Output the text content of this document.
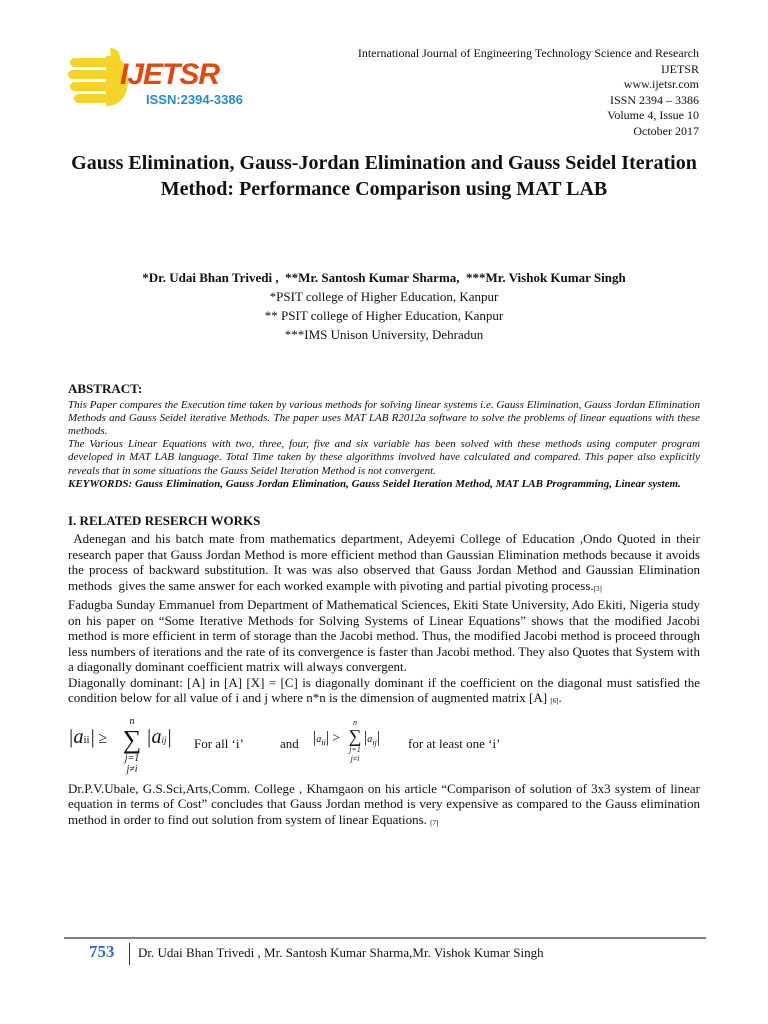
IJETSR
ISSN:2394-3386
International Journal of Engineering Technology Science and Research
IJETSR
www.ijetsr.com
ISSN 2394 – 3386
Volume 4, Issue 10
October 2017
Gauss Elimination, Gauss-Jordan Elimination and Gauss Seidel Iteration Method: Performance Comparison using MAT LAB
*Dr. Udai Bhan Trivedi ,  **Mr. Santosh Kumar Sharma,  ***Mr. Vishok Kumar Singh
*PSIT college of Higher Education, Kanpur
** PSIT college of Higher Education, Kanpur
***IMS Unison University, Dehradun
ABSTRACT:

This Paper compares the Execution time taken by various methods for solving linear systems i.e. Gauss Elimination, Gauss Jordan Elimination Methods and Gauss Seidel iterative Methods. The paper uses MAT LAB R2012a software to solve the problems of linear equations with these methods.

The Various Linear Equations with two, three, four, five and six variable has been solved with these methods using computer program developed in MAT LAB language. Total Time taken by these algorithms involved have calculated and compared. This paper also explicitly reveals that in some situations the Gauss Seidel Iteration Method is not convergent.

KEYWORDS: Gauss Elimination, Gauss Jordan Elimination, Gauss Seidel Iteration Method, MAT LAB Programming, Linear system.

I. RELATED RESERCH WORKS

Adenegan and his batch mate from mathematics department, Adeyemi College of Education ,Ondo Quoted in their research paper that Gauss Jordan Method is more efficient method than Gaussian Elimination methods because it avoids the process of backward substitution. It was was also observed that Gauss Jordan Method and Gaussian Elimination methods  gives the same answer for each worked example with pivoting and partial pivoting process.[3]

Fadugba Sunday Emmanuel from Department of Mathematical Sciences, Ekiti State University, Ado Ekiti, Nigeria study on his paper on “Some Iterative Methods for Solving Systems of Linear Equations” shows that the modified Jacobi method is more efficient in term of storage than the Jacobi method. Thus, the modified Jacobi method is proceed through less numbers of iterations and the rate of its convergence is faster than Jacobi method. They also Quotes that System with a diagonally dominant coefficient matrix will always convergent.

Diagonally dominant: [A] in [A] [X] = [C] is diagonally dominant if the coefficient on the diagonal must satisfied the condition below for all value of i and j where n*n is the dimension of augmented matrix [A] [6].

|aii| ≥
n
∑
j=1
j≠i
|aij| For all ‘i’	and $|a_{ii}|$ >
n
∑
j=1
j≠i
$|a_{ij}|$ for at least one ‘i’

Dr.P.V.Ubale, G.S.Sci,Arts,Comm. College , Khamgaon on his article “Comparison of solution of 3x3 system of linear equation in terms of Cost” concludes that Gauss Jordan method is very expensive as compared to the Gauss elimination method in order to find out solution from system of linear Equations. [7]

753 Dr. Udai Bhan Trivedi , Mr. Santosh Kumar Sharma,Mr. Vishok Kumar Singh
